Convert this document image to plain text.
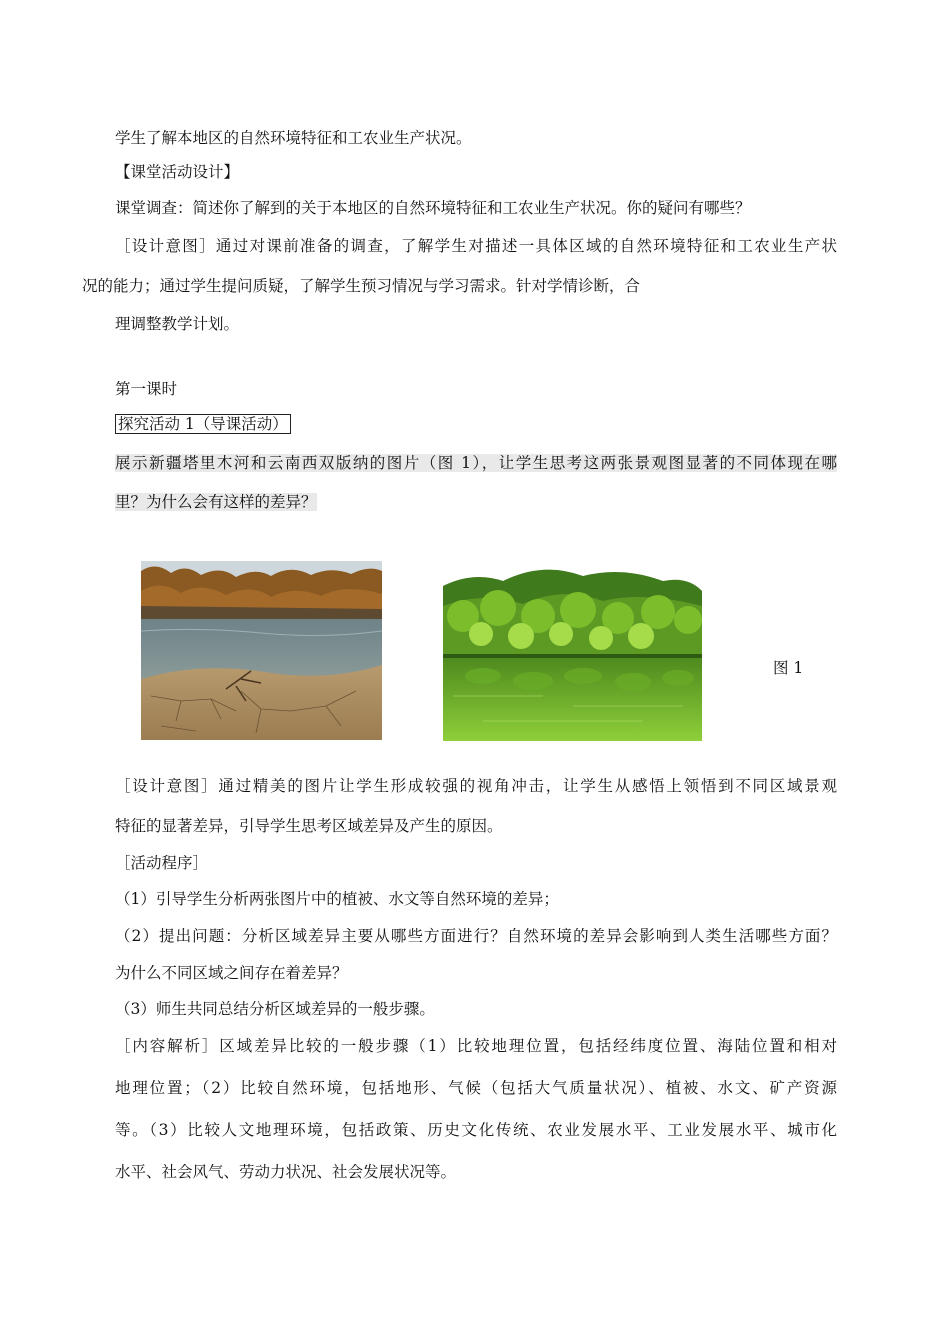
学生了解本地区的自然环境特征和工农业生产状况。
【课堂活动设计】
课堂调查：简述你了解到的关于本地区的自然环境特征和工农业生产状况。你的疑问有哪些？
［设计意图］通过对课前准备的调查，了解学生对描述一具体区域的自然环境特征和工农业生产状
况的能力；通过学生提问质疑，了解学生预习情况与学习需求。针对学情诊断，合
理调整教学计划。
第一课时
探究活动 1（导课活动）
展示新疆塔里木河和云南西双版纳的图片（图 1），让学生思考这两张景观图显著的不同体现在哪
里？为什么会有这样的差异？
图 1
［设计意图］通过精美的图片让学生形成较强的视角冲击，让学生从感悟上领悟到不同区域景观
特征的显著差异，引导学生思考区域差异及产生的原因。
［活动程序］
（1）引导学生分析两张图片中的植被、水文等自然环境的差异；
（2）提出问题：分析区域差异主要从哪些方面进行？自然环境的差异会影响到人类生活哪些方面？
为什么不同区域之间存在着差异？
（3）师生共同总结分析区域差异的一般步骤。
［内容解析］区域差异比较的一般步骤（1）比较地理位置，包括经纬度位置、海陆位置和相对
地理位置；（2）比较自然环境，包括地形、气候（包括大气质量状况）、植被、水文、矿产资源
等。（3）比较人文地理环境，包括政策、历史文化传统、农业发展水平、工业发展水平、城市化
水平、社会风气、劳动力状况、社会发展状况等。
